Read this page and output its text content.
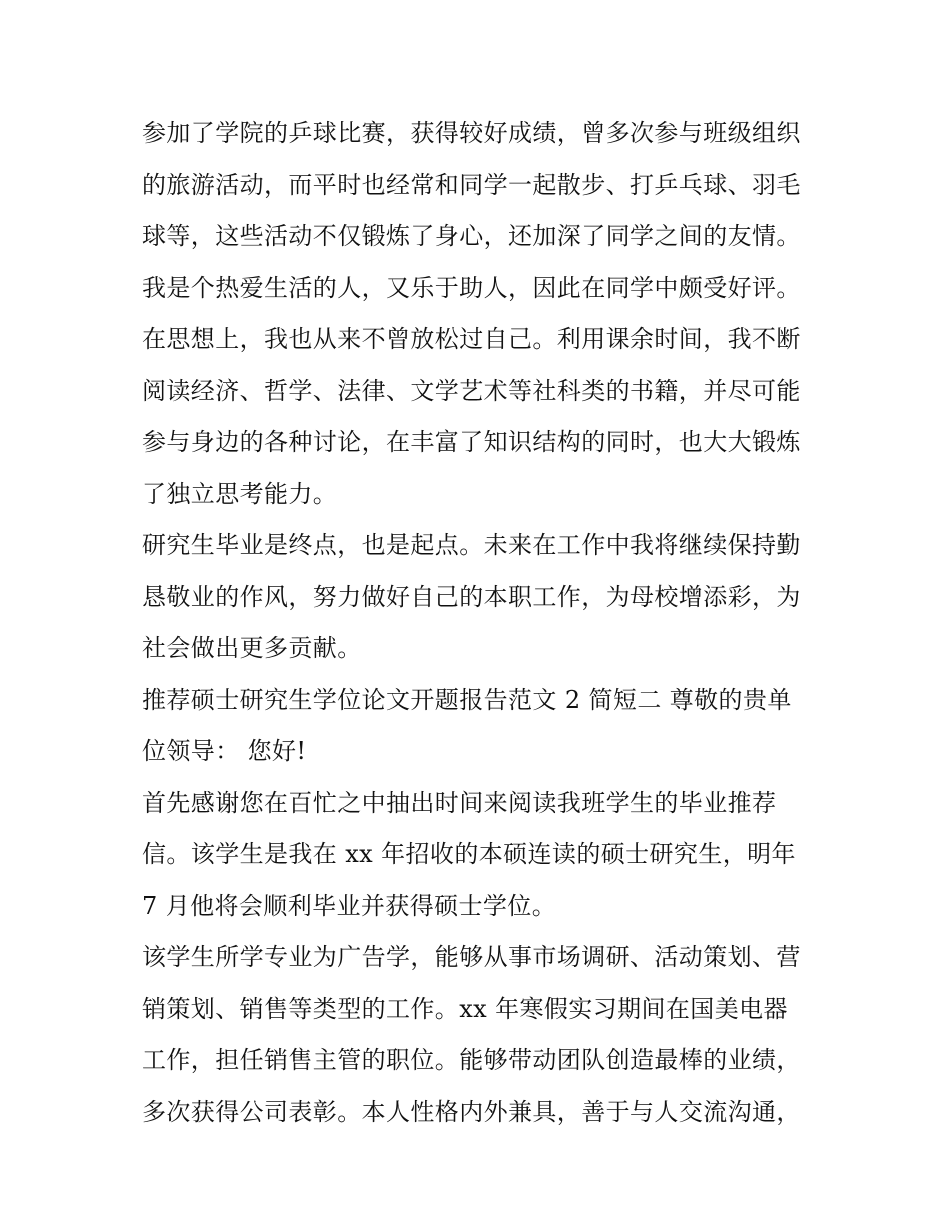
参加了学院的乒球比赛，获得较好成绩，曾多次参与班级组织
的旅游活动，而平时也经常和同学一起散步、打乒乓球、羽毛
球等，这些活动不仅锻炼了身心，还加深了同学之间的友情。
我是个热爱生活的人，又乐于助人，因此在同学中颇受好评。
在思想上，我也从来不曾放松过自己。利用课余时间，我不断
阅读经济、哲学、法律、文学艺术等社科类的书籍，并尽可能
参与身边的各种讨论，在丰富了知识结构的同时，也大大锻炼
了独立思考能力。
研究生毕业是终点，也是起点。未来在工作中我将继续保持勤
恳敬业的作风，努力做好自己的本职工作，为母校增添彩，为
社会做出更多贡献。
推荐硕士研究生学位论文开题报告范文 2 简短二 尊敬的贵单
位领导： 您好!
首先感谢您在百忙之中抽出时间来阅读我班学生的毕业推荐
信。该学生是我在 xx 年招收的本硕连读的硕士研究生，明年
7 月他将会顺利毕业并获得硕士学位。
该学生所学专业为广告学，能够从事市场调研、活动策划、营
销策划、销售等类型的工作。xx 年寒假实习期间在国美电器
工作，担任销售主管的职位。能够带动团队创造最棒的业绩，
多次获得公司表彰。本人性格内外兼具，善于与人交流沟通，
